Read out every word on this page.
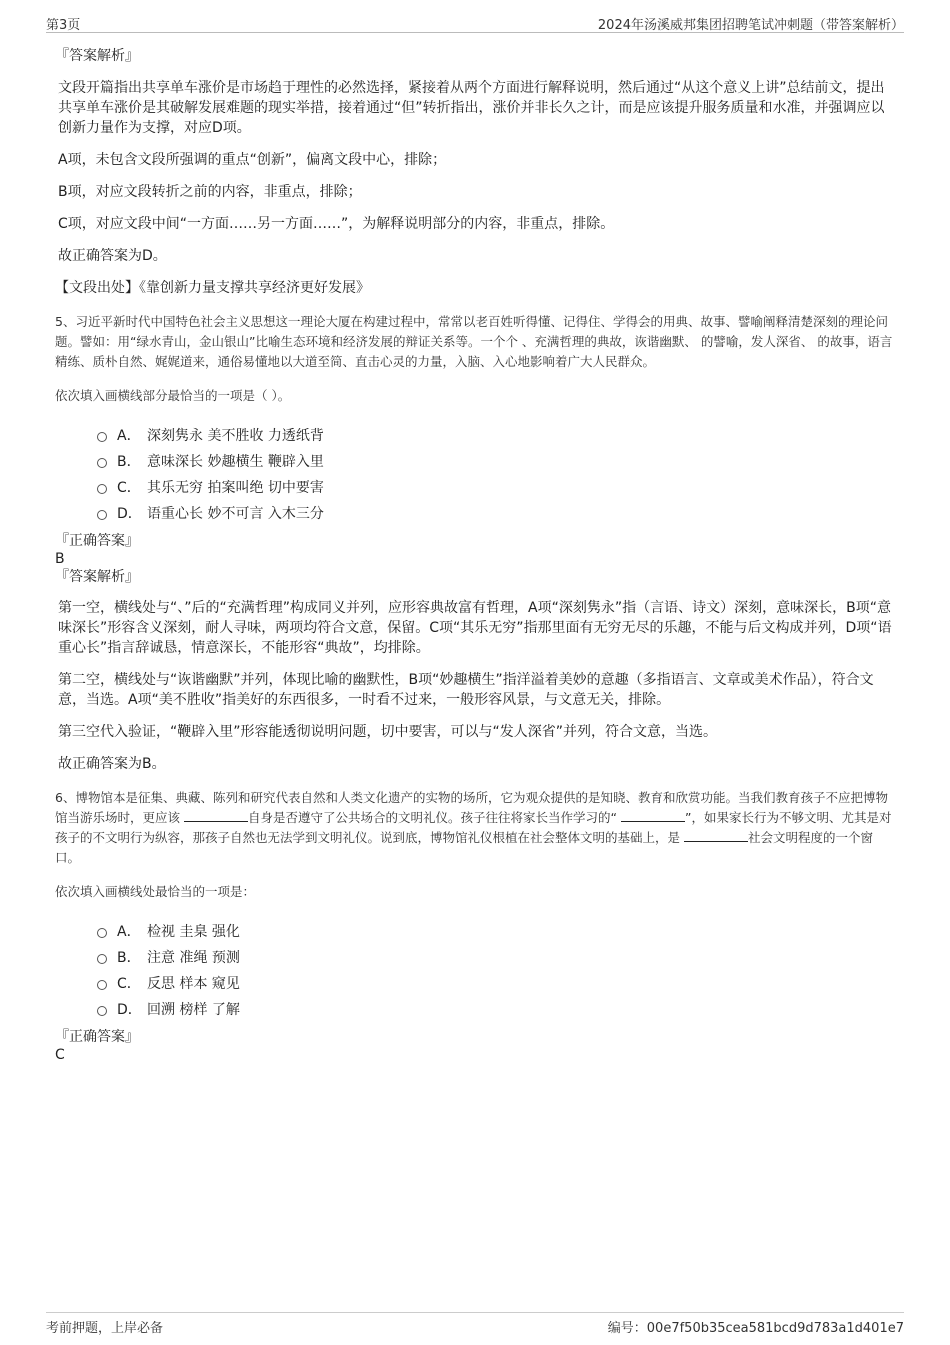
第3页	2024年汤溪威邦集团招聘笔试冲刺题（带答案解析）

『答案解析』

文段开篇指出共享单车涨价是市场趋于理性的必然选择，紧接着从两个方面进行解释说明，然后通过“从这个意义上讲”总结前文，提出共享单车涨价是其破解发展难题的现实举措，接着通过“但”转折指出，涨价并非长久之计，而是应该提升服务质量和水准，并强调应以创新力量作为支撑，对应D项。

A项，未包含文段所强调的重点“创新”，偏离文段中心，排除；

B项，对应文段转折之前的内容，非重点，排除；

C项，对应文段中间“一方面……另一方面……”，为解释说明部分的内容，非重点，排除。

故正确答案为D。

【文段出处】《靠创新力量支撑共享经济更好发展》

5、习近平新时代中国特色社会主义思想这一理论大厦在构建过程中，常常以老百姓听得懂、记得住、学得会的用典、故事、譬喻阐释清楚深刻的理论问题。譬如：用“绿水青山，金山银山”比喻生态环境和经济发展的辩证关系等。一个个 、充满哲理的典故，诙谐幽默、 的譬喻，发人深省、 的故事，语言精练、质朴自然、娓娓道来，通俗易懂地以大道至简、直击心灵的力量，入脑、入心地影响着广大人民群众。

依次填入画横线部分最恰当的一项是（ ）。

A． 深刻隽永 美不胜收 力透纸背
B． 意味深长 妙趣横生 鞭辟入里
C． 其乐无穷 拍案叫绝 切中要害
D． 语重心长 妙不可言 入木三分

『正确答案』

B

『答案解析』

第一空，横线处与“、”后的“充满哲理”构成同义并列，应形容典故富有哲理，A项“深刻隽永”指（言语、诗文）深刻，意味深长，B项“意味深长”形容含义深刻，耐人寻味，两项均符合文意，保留。C项“其乐无穷”指那里面有无穷无尽的乐趣，不能与后文构成并列，D项“语重心长”指言辞诚恳，情意深长，不能形容“典故”，均排除。

第二空，横线处与“诙谐幽默”并列，体现比喻的幽默性，B项“妙趣横生”指洋溢着美妙的意趣（多指语言、文章或美术作品），符合文意，当选。A项“美不胜收”指美好的东西很多，一时看不过来，一般形容风景，与文意无关，排除。

第三空代入验证，“鞭辟入里”形容能透彻说明问题，切中要害，可以与“发人深省”并列，符合文意，当选。

故正确答案为B。

6、博物馆本是征集、典藏、陈列和研究代表自然和人类文化遗产的实物的场所，它为观众提供的是知晓、教育和欣赏功能。当我们教育孩子不应把博物馆当游乐场时，更应该	自身是否遵守了公共场合的文明礼仪。孩子往往将家长当作学习的“	”，如果家长行为不够文明、尤其是对孩子的不文明行为纵容，那孩子自然也无法学到文明礼仪。说到底，博物馆礼仪根植在社会整体文明的基础上，是	社会文明程度的一个窗口。

依次填入画横线处最恰当的一项是：

A． 检视 圭臬 强化
B． 注意 准绳 预测
C． 反思 样本 窥见
D． 回溯 榜样 了解

『正确答案』

C

考前押题，上岸必备	编号：00e7f50b35cea581bcd9d783a1d401e7
